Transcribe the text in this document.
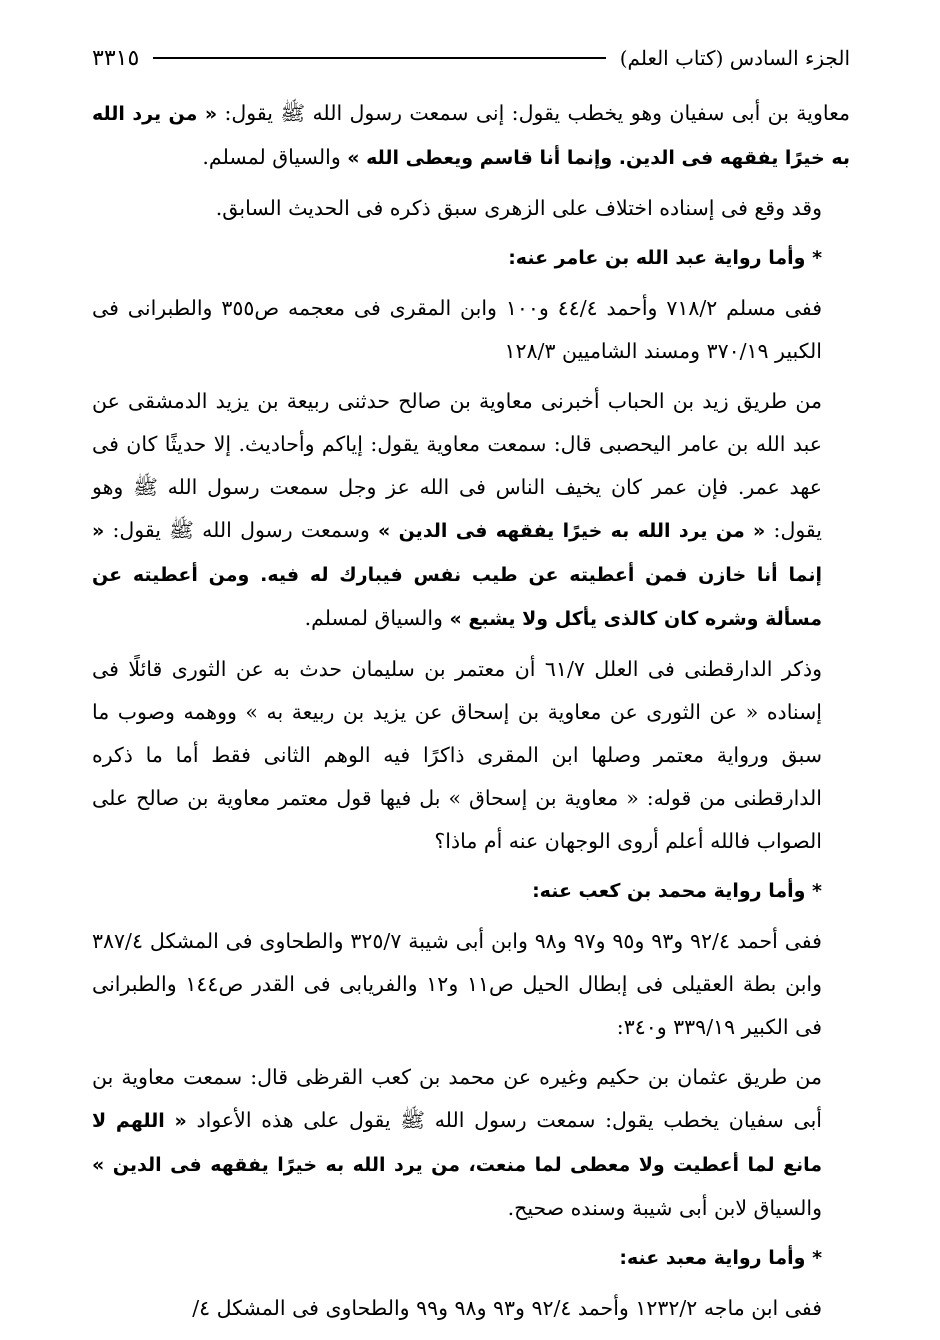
الجزء السادس (كتاب العلم)
٣٣١٥

معاوية بن أبى سفيان وهو يخطب يقول: إنى سمعت رسول الله ﷺ يقول: « من يرد الله به خيرًا يفقهه فى الدين. وإنما أنا قاسم ويعطى الله » والسياق لمسلم.

وقد وقع فى إسناده اختلاف على الزهرى سبق ذكره فى الحديث السابق.

* وأما رواية عبد الله بن عامر عنه:

ففى مسلم ٧١٨/٢ وأحمد ٤٤/٤ و١٠٠ وابن المقرى فى معجمه ص٣٥٥ والطبرانى فى الكبير ٣٧٠/١٩ ومسند الشاميين ١٢٨/٣

من طريق زيد بن الحباب أخبرنى معاوية بن صالح حدثنى ربيعة بن يزيد الدمشقى عن عبد الله بن عامر اليحصبى قال: سمعت معاوية يقول: إياكم وأحاديث. إلا حديثًا كان فى عهد عمر. فإن عمر كان يخيف الناس فى الله عز وجل سمعت رسول الله ﷺ وهو يقول: « من يرد الله به خيرًا يفقهه فى الدين » وسمعت رسول الله ﷺ يقول: « إنما أنا خازن فمن أعطيته عن طيب نفس فيبارك له فيه. ومن أعطيته عن مسألة وشره كان كالذى يأكل ولا يشبع » والسياق لمسلم.

وذكر الدارقطنى فى العلل ٦١/٧ أن معتمر بن سليمان حدث به عن الثورى قائلًا فى إسناده « عن الثورى عن معاوية بن إسحاق عن يزيد بن ربيعة به » ووهمه وصوب ما سبق ورواية معتمر وصلها ابن المقرى ذاكرًا فيه الوهم الثانى فقط أما ما ذكره الدارقطنى من قوله: « معاوية بن إسحاق » بل فيها قول معتمر معاوية بن صالح على الصواب فالله أعلم أروى الوجهان عنه أم ماذا؟

* وأما رواية محمد بن كعب عنه:

ففى أحمد ٩٢/٤ و٩٣ و٩٥ و٩٧ و٩٨ وابن أبى شيبة ٣٢٥/٧ والطحاوى فى المشكل ٣٨٧/٤ وابن بطة العقيلى فى إبطال الحيل ص١١ و١٢ والفريابى فى القدر ص١٤٤ والطبرانى فى الكبير ٣٣٩/١٩ و٣٤٠:

من طريق عثمان بن حكيم وغيره عن محمد بن كعب القرظى قال: سمعت معاوية بن أبى سفيان يخطب يقول: سمعت رسول الله ﷺ يقول على هذه الأعواد « اللهم لا مانع لما أعطيت ولا معطى لما منعت، من يرد الله به خيرًا يفقهه فى الدين » والسياق لابن أبى شيبة وسنده صحيح.

* وأما رواية معبد عنه:

ففى ابن ماجه ١٢٣٢/٢ وأحمد ٩٢/٤ و٩٣ و٩٨ و٩٩ والطحاوى فى المشكل ٤/
